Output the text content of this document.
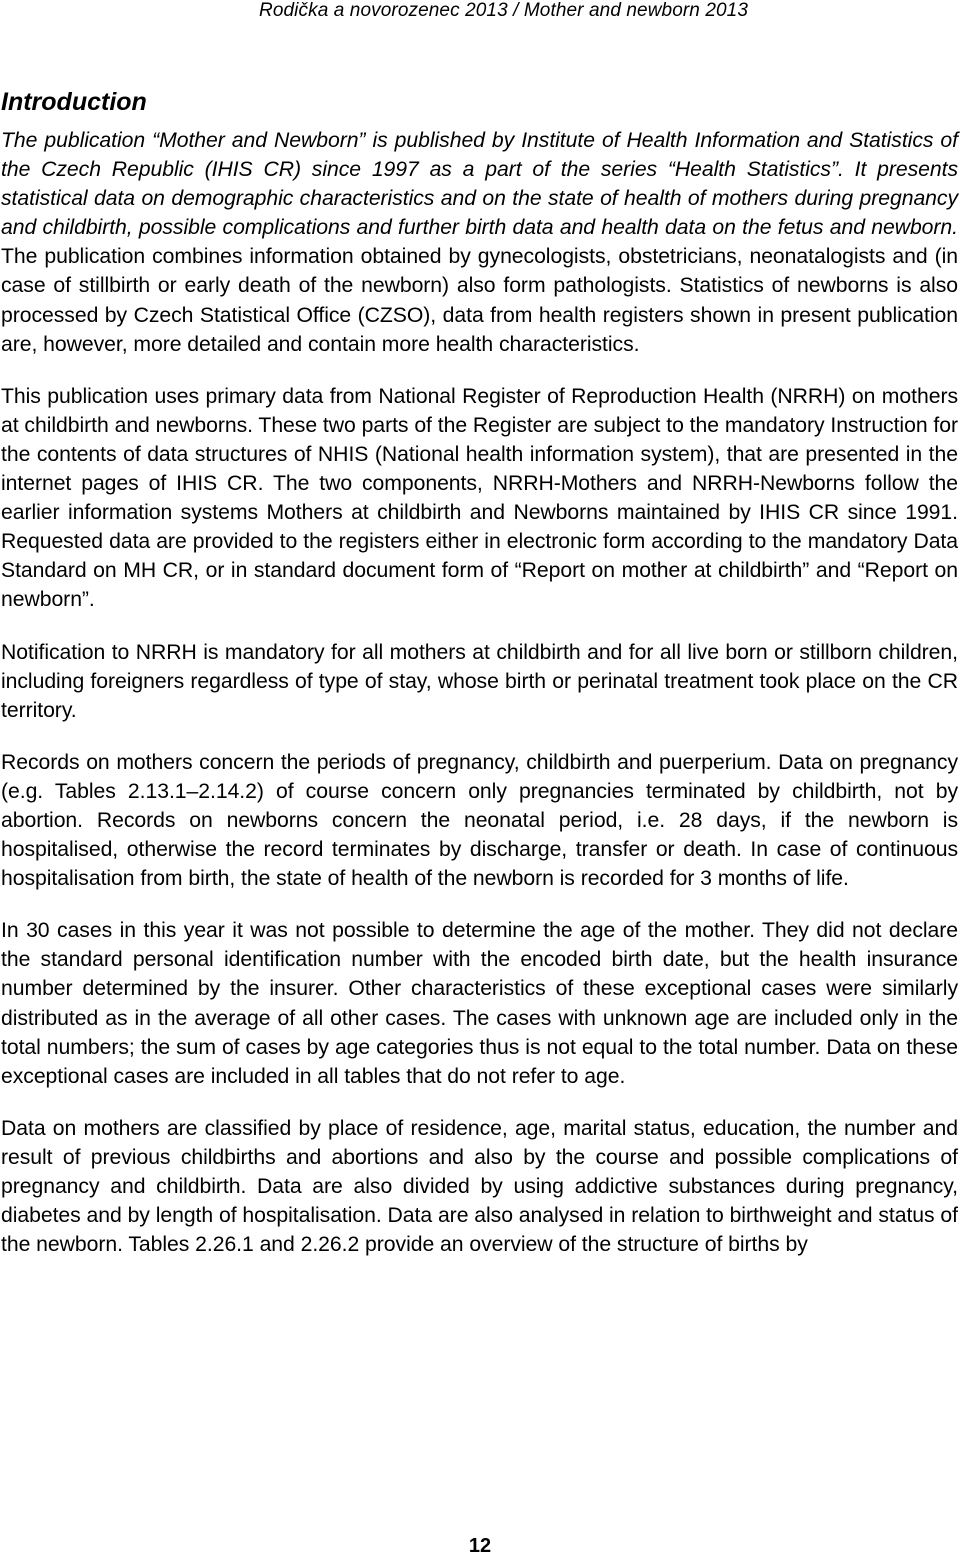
Rodička a novorozenec 2013 / Mother and newborn 2013
Introduction

The publication “Mother and Newborn” is published by Institute of Health Information and Statistics of the Czech Republic (IHIS CR) since 1997 as a part of the series “Health Statistics”. It presents statistical data on demographic characteristics and on the state of health of mothers during pregnancy and childbirth, possible complications and further birth data and health data on the fetus and newborn. The publication combines information obtained by gynecologists, obstetricians, neonatalogists and (in case of stillbirth or early death of the newborn) also form pathologists. Statistics of newborns is also processed by Czech Statistical Office (CZSO), data from health registers shown in present publication are, however, more detailed and contain more health characteristics.

This publication uses primary data from National Register of Reproduction Health (NRRH) on mothers at childbirth and newborns. These two parts of the Register are subject to the mandatory Instruction for the contents of data structures of NHIS (National health information system), that are presented in the internet pages of IHIS CR. The two components, NRRH-Mothers and NRRH-Newborns follow the earlier information systems Mothers at childbirth and Newborns maintained by IHIS CR since 1991. Requested data are provided to the registers either in electronic form according to the mandatory Data Standard on MH CR, or in standard document form of “Report on mother at childbirth” and “Report on newborn”.

Notification to NRRH is mandatory for all mothers at childbirth and for all live born or stillborn children, including foreigners regardless of type of stay, whose birth or perinatal treatment took place on the CR territory.

Records on mothers concern the periods of pregnancy, childbirth and puerperium. Data on pregnancy (e.g. Tables 2.13.1–2.14.2) of course concern only pregnancies terminated by childbirth, not by abortion. Records on newborns concern the neonatal period, i.e. 28 days, if the newborn is hospitalised, otherwise the record terminates by discharge, transfer or death. In case of continuous hospitalisation from birth, the state of health of the newborn is recorded for 3 months of life.

In 30 cases in this year it was not possible to determine the age of the mother. They did not declare the standard personal identification number with the encoded birth date, but the health insurance number determined by the insurer. Other characteristics of these exceptional cases were similarly distributed as in the average of all other cases. The cases with unknown age are included only in the total numbers; the sum of cases by age categories thus is not equal to the total number. Data on these exceptional cases are included in all tables that do not refer to age.

Data on mothers are classified by place of residence, age, marital status, education, the number and result of previous childbirths and abortions and also by the course and possible complications of pregnancy and childbirth. Data are also divided by using addictive substances during pregnancy, diabetes and by length of hospitalisation. Data are also analysed in relation to birthweight and status of the newborn. Tables 2.26.1 and 2.26.2 provide an overview of the structure of births by

12
